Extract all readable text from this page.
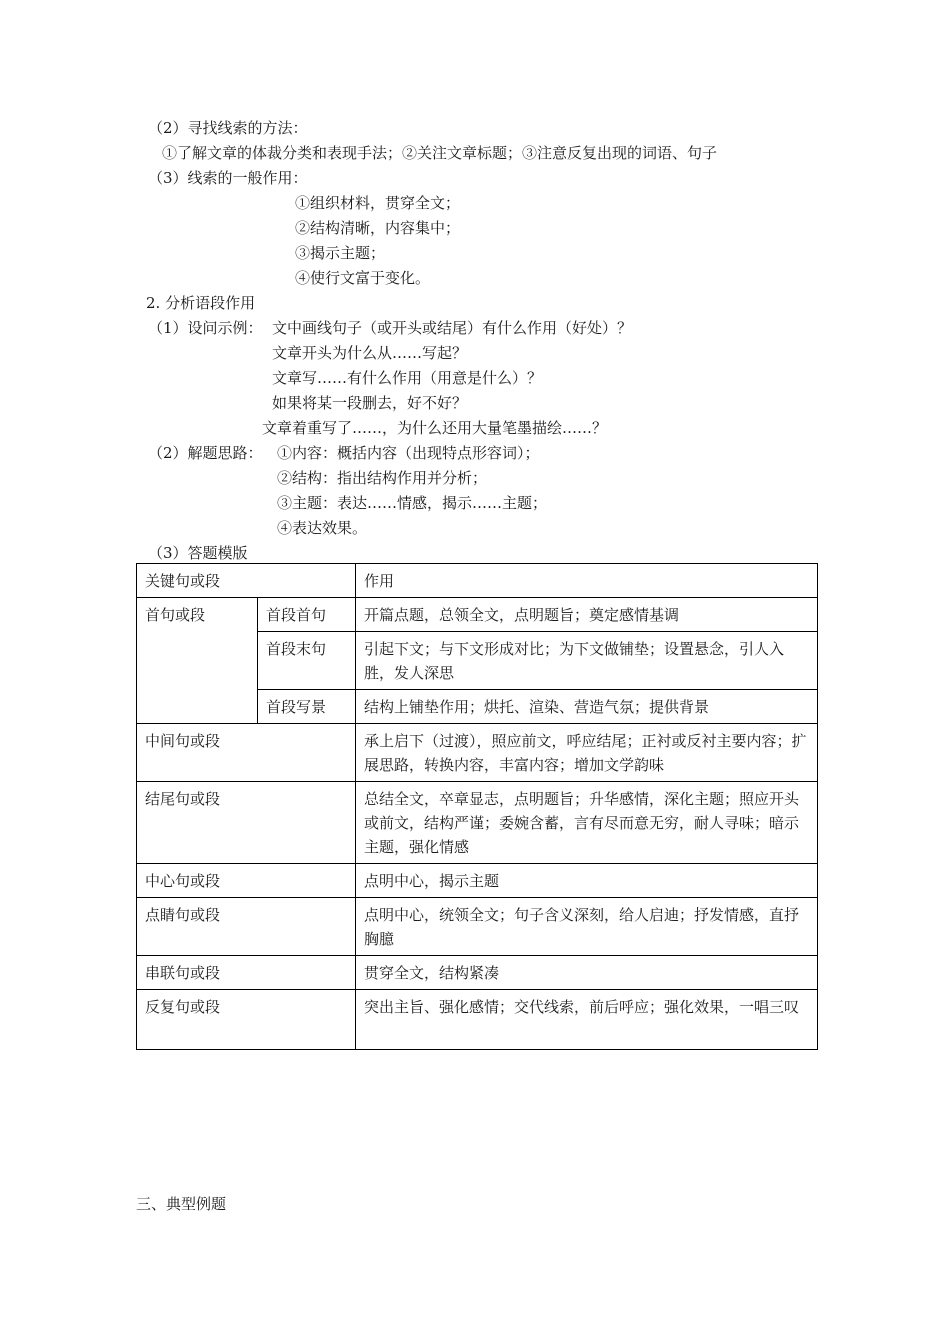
（2）寻找线索的方法：
①了解文章的体裁分类和表现手法；②关注文章标题；③注意反复出现的词语、句子
（3）线索的一般作用：
①组织材料，贯穿全文；
②结构清晰，内容集中；
③揭示主题；
④使行文富于变化。
2. 分析语段作用
（1）设问示例： 文中画线句子（或开头或结尾）有什么作用（好处）？
文章开头为什么从……写起？
文章写……有什么作用（用意是什么）？
如果将某一段删去，好不好？
文章着重写了……，为什么还用大量笔墨描绘……？
（2）解题思路： ①内容：概括内容（出现特点形容词）；
②结构：指出结构作用并分析；
③主题：表达……情感，揭示……主题；
④表达效果。
（3）答题模版
关键句或段		作用
首句或段	首段首句	开篇点题，总领全文，点明题旨；奠定感情基调
	首段末句	引起下文；与下文形成对比；为下文做铺垫；设置悬念，引人入胜，发人深思
	首段写景	结构上铺垫作用；烘托、渲染、营造气氛；提供背景
中间句或段		承上启下（过渡），照应前文，呼应结尾；正衬或反衬主要内容；扩展思路，转换内容，丰富内容；增加文学韵味
结尾句或段		总结全文，卒章显志，点明题旨；升华感情，深化主题；照应开头或前文，结构严谨；委婉含蓄，言有尽而意无穷，耐人寻味；暗示主题，强化情感
中心句或段		点明中心，揭示主题
点睛句或段		点明中心，统领全文；句子含义深刻，给人启迪；抒发情感，直抒胸臆
串联句或段		贯穿全文，结构紧凑
反复句或段		突出主旨、强化感情；交代线索，前后呼应；强化效果，一唱三叹
三、典型例题
